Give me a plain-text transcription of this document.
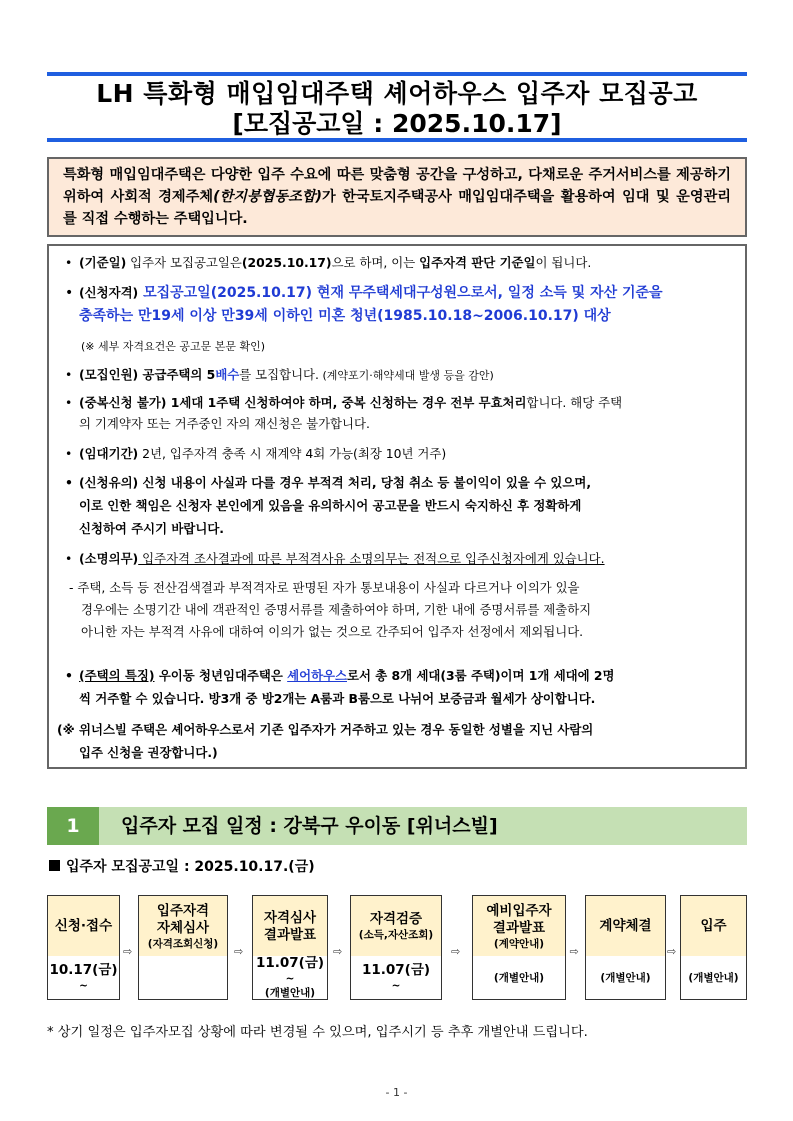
LH 특화형 매입임대주택 셰어하우스 입주자 모집공고
[모집공고일 : 2025.10.17]
특화형 매입임대주택은 다양한 입주 수요에 따른 맞춤형 공간을 구성하고, 다채로운 주거서비스를 제공하기 위하여 사회적 경제주체(한지붕협동조합)가 한국토지주택공사 매입임대주택을 활용하여 임대 및 운영관리를 직접 수행하는 주택입니다.
• (기준일) 입주자 모집공고일은(2025.10.17)으로 하며, 이는 입주자격 판단 기준일이 됩니다.
• (신청자격) 모집공고일(2025.10.17) 현재 무주택세대구성원으로서, 일정 소득 및 자산 기준을
충족하는 만19세 이상 만39세 이하인 미혼 청년(1985.10.18~2006.10.17) 대상
(※ 세부 자격요건은 공고문 본문 확인)
• (모집인원) 공급주택의 5배수를 모집합니다. (계약포기·해약세대 발생 등을 감안)
• (중복신청 불가) 1세대 1주택 신청하여야 하며, 중복 신청하는 경우 전부 무효처리합니다. 해당 주택
의 기계약자 또는 거주중인 자의 재신청은 불가합니다.
• (임대기간) 2년, 입주자격 충족 시 재계약 4회 가능(최장 10년 거주)
• (신청유의) 신청 내용이 사실과 다를 경우 부적격 처리, 당첨 취소 등 불이익이 있을 수 있으며,
이로 인한 책임은 신청자 본인에게 있음을 유의하시어 공고문을 반드시 숙지하신 후 정확하게
신청하여 주시기 바랍니다.
• (소명의무) 입주자격 조사결과에 따른 부적격사유 소명의무는 전적으로 입주신청자에게 있습니다.
- 주택, 소득 등 전산검색결과 부적격자로 판명된 자가 통보내용이 사실과 다르거나 이의가 있을
경우에는 소명기간 내에 객관적인 증명서류를 제출하여야 하며, 기한 내에 증명서류를 제출하지
아니한 자는 부적격 사유에 대하여 이의가 없는 것으로 간주되어 입주자 선정에서 제외됩니다.
• (주택의 특징) 우이동 청년임대주택은 셰어하우스로서 총 8개 세대(3룸 주택)이며 1개 세대에 2명
씩 거주할 수 있습니다. 방3개 중 방2개는 A룸과 B룸으로 나뉘어 보증금과 월세가 상이합니다.
(※ 위너스빌 주택은 셰어하우스로서 기존 입주자가 거주하고 있는 경우 동일한 성별을 지닌 사람의
입주 신청을 권장합니다.)
1	입주자 모집 일정 : 강북구 우이동 [위너스빌]
입주자 모집공고일 : 2025.10.17.(금)
신청·접수
10.17(금)
~
⇨
입주자격
자체심사
(자격조회신청)
⇨
자격심사
결과발표
11.07(금)
~
(개별안내)
⇨
자격검증
(소득,자산조회)
11.07(금)
~
⇨
예비입주자
결과발표
(계약안내)
(개별안내)
⇨
계약체결
(개별안내)
⇨
입주
(개별안내)
* 상기 일정은 입주자모집 상황에 따라 변경될 수 있으며, 입주시기 등 추후 개별안내 드립니다.
- 1 -
